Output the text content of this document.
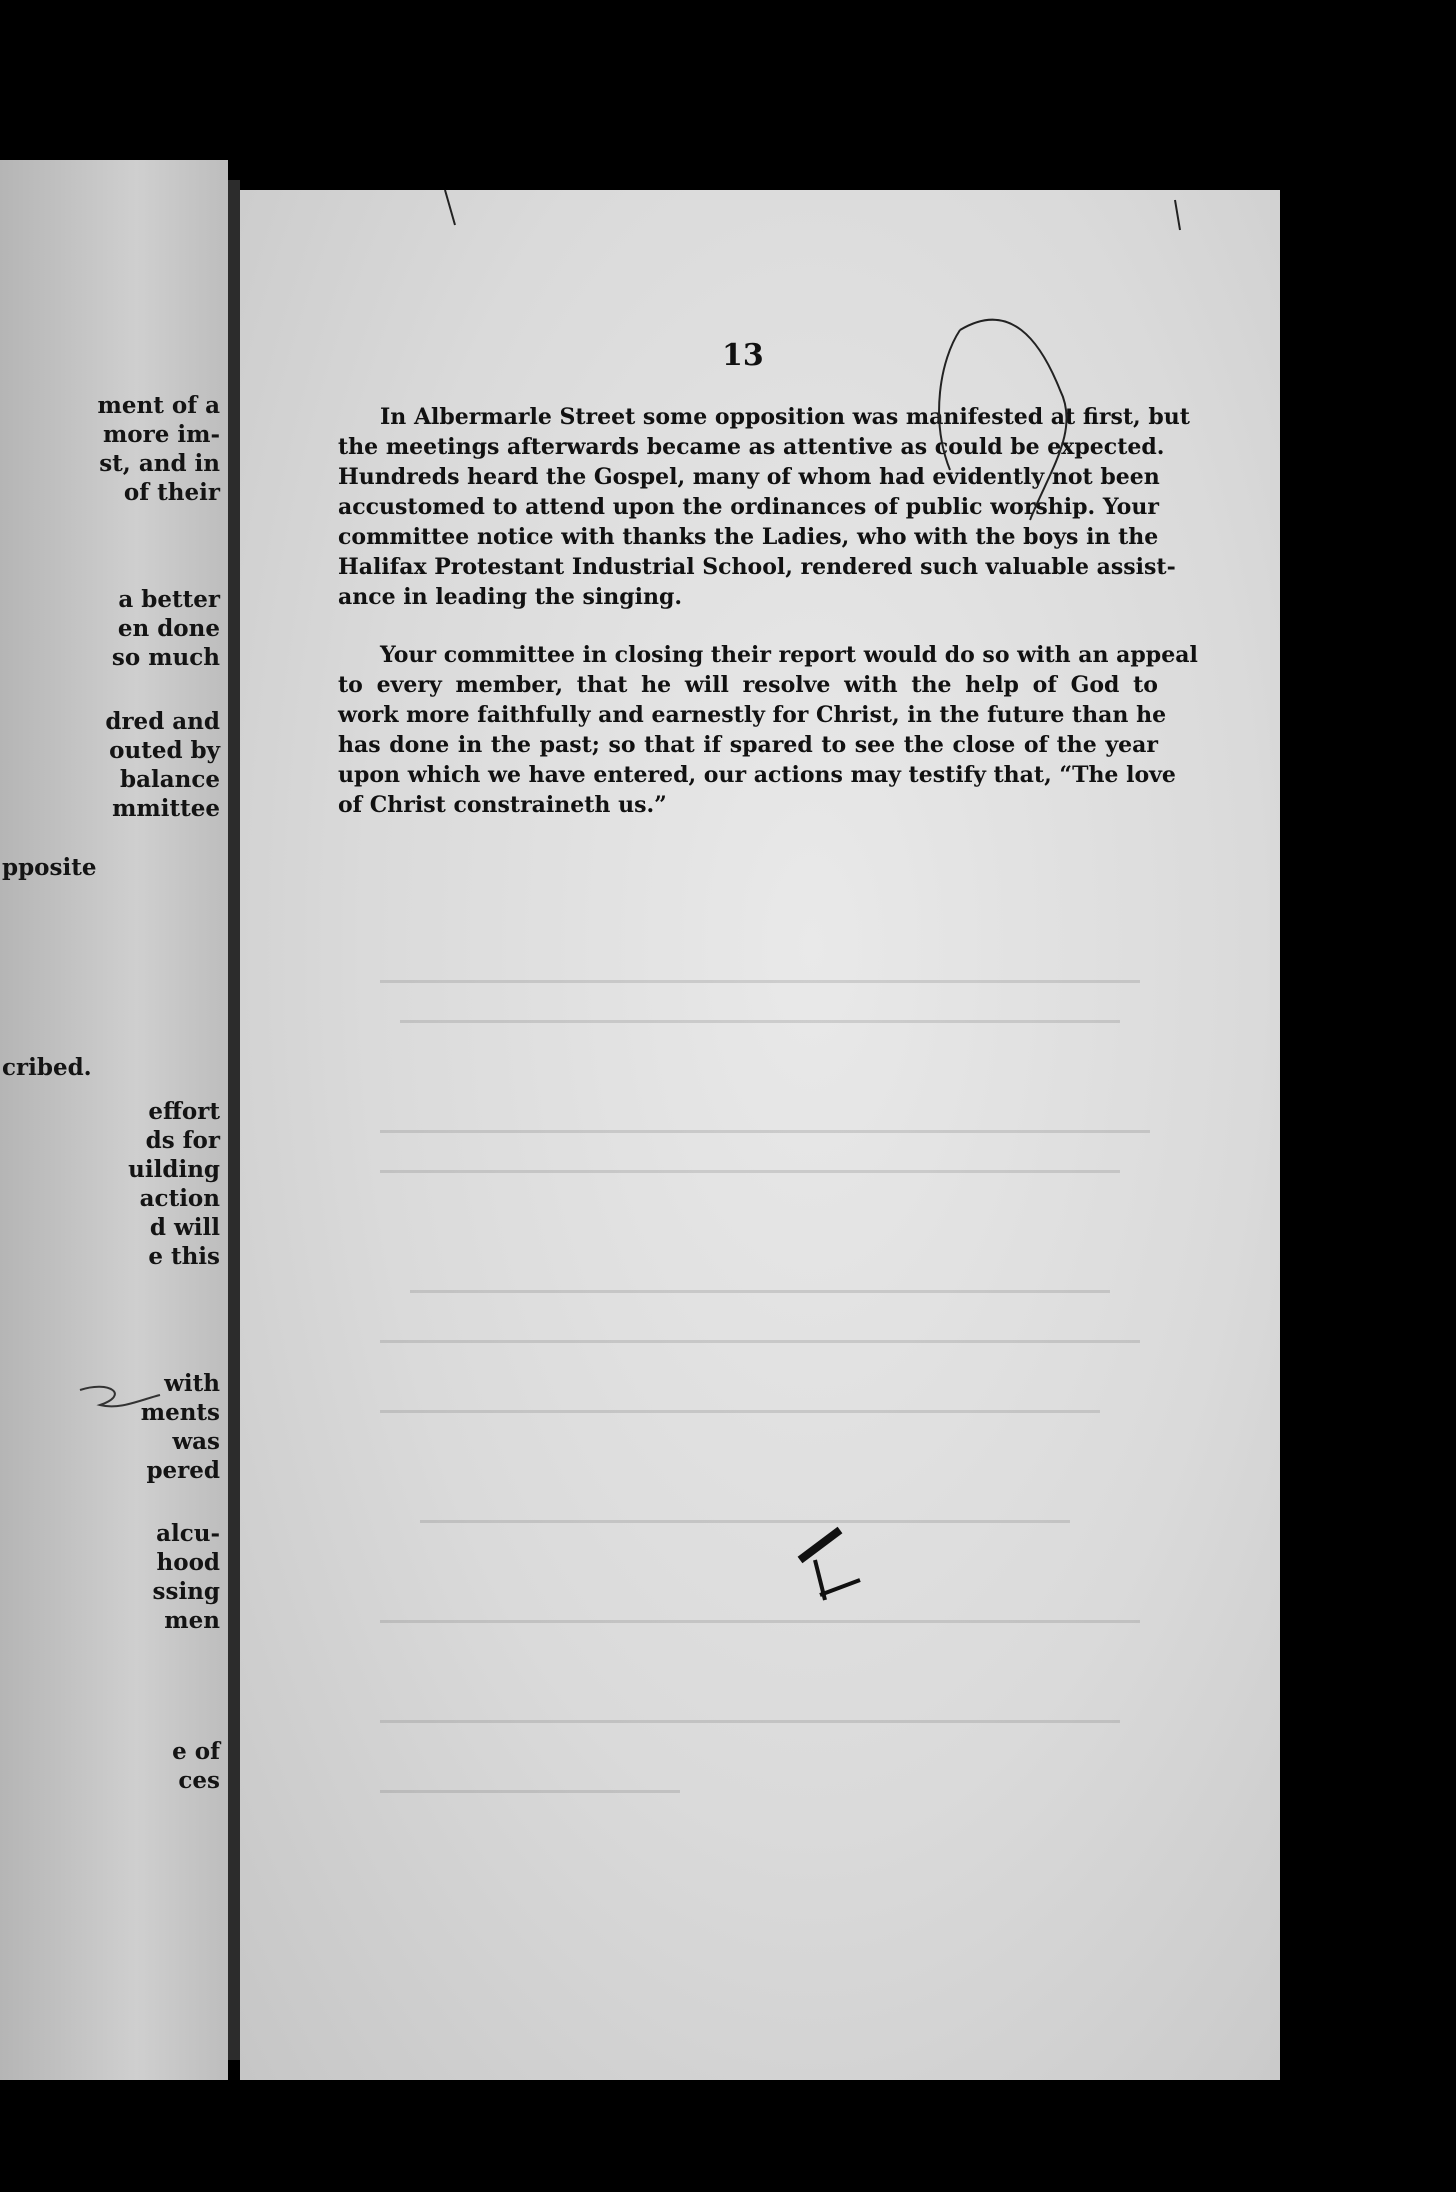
ment of a
more im-
st, and in
of their
a better
en done
so much
dred and
outed by
balance
mmittee
pposite
cribed.
effort
ds for
uilding
action
d will
e this
with
ments
was
pered
alcu-
hood
ssing
men
e of
ces
13
In Albermarle Street some opposition was manifested at first, but
the meetings afterwards became as attentive as could be expected.
Hundreds heard the Gospel, many of whom had evidently not been
accustomed to attend upon the ordinances of public worship. Your
committee notice with thanks the Ladies, who with the boys in the
Halifax Protestant Industrial School, rendered such valuable assist-
ance in leading the singing.
Your committee in closing their report would do so with an appeal
to every member, that he will resolve with the help of God to
work more faithfully and earnestly for Christ, in the future than he
has done in the past; so that if spared to see the close of the year
upon which we have entered, our actions may testify that, “The love
of Christ constraineth us.”
